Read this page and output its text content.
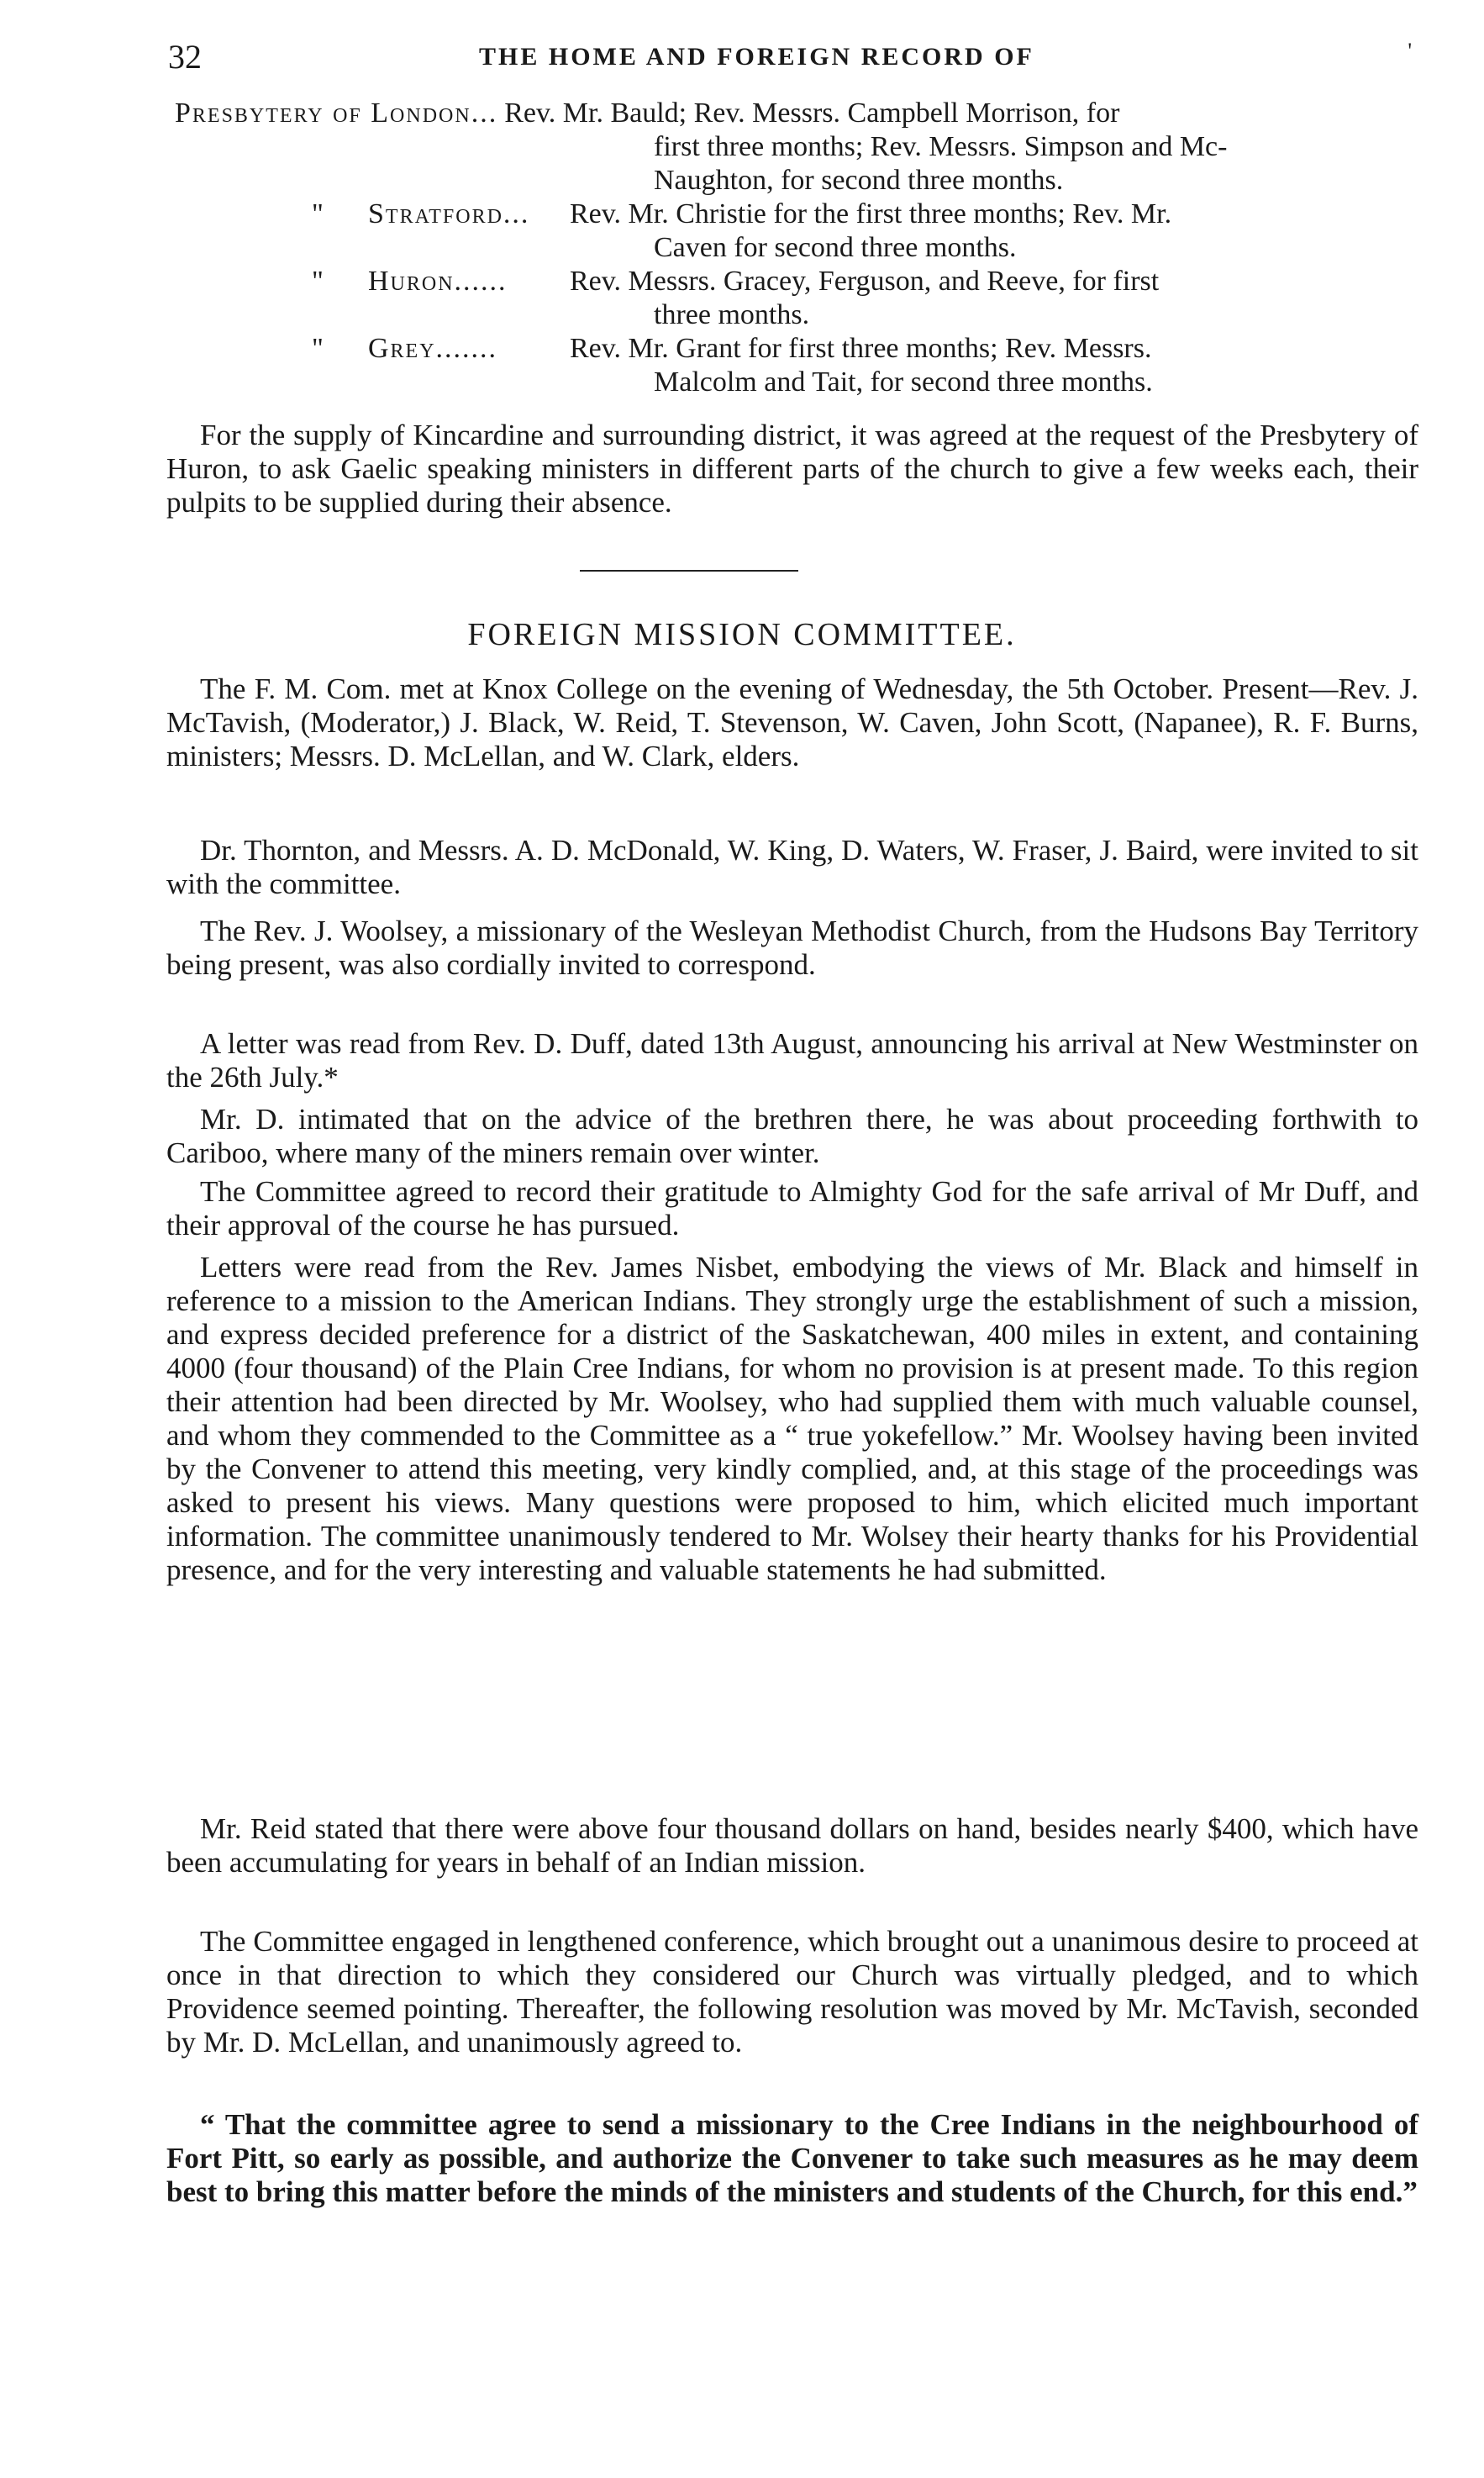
32	THE HOME AND FOREIGN RECORD OF	'
Presbytery of London... Rev. Mr. Bauld; Rev. Messrs. Campbell Morrison, for
first three months; Rev. Messrs. Simpson and Mc-
Naughton, for second three months.
"	Stratford...	Rev. Mr. Christie for the first three months; Rev. Mr.
Caven for second three months.
"	Huron......	Rev. Messrs. Gracey, Ferguson, and Reeve, for first
three months.
"	Grey.......	Rev. Mr. Grant for first three months; Rev. Messrs.
Malcolm and Tait, for second three months.

For the supply of Kincardine and surrounding district, it was agreed at the request of the Presbytery of Huron, to ask Gaelic speaking ministers in different parts of the church to give a few weeks each, their pulpits to be supplied during their absence.

FOREIGN MISSION COMMITTEE.

The F. M. Com. met at Knox College on the evening of Wednesday, the 5th October. Present—Rev. J. McTavish, (Moderator,) J. Black, W. Reid, T. Stevenson, W. Caven, John Scott, (Napanee), R. F. Burns, ministers; Messrs. D. McLellan, and W. Clark, elders.

Dr. Thornton, and Messrs. A. D. McDonald, W. King, D. Waters, W. Fraser, J. Baird, were invited to sit with the committee.

The Rev. J. Woolsey, a missionary of the Wesleyan Methodist Church, from the Hudsons Bay Territory being present, was also cordially invited to correspond.

A letter was read from Rev. D. Duff, dated 13th August, announcing his arrival at New Westminster on the 26th July.*

Mr. D. intimated that on the advice of the brethren there, he was about proceeding forthwith to Cariboo, where many of the miners remain over winter.

The Committee agreed to record their gratitude to Almighty God for the safe arrival of Mr Duff, and their approval of the course he has pursued.

Letters were read from the Rev. James Nisbet, embodying the views of Mr. Black and himself in reference to a mission to the American Indians. They strongly urge the establishment of such a mission, and express decided preference for a district of the Saskatchewan, 400 miles in extent, and containing 4000 (four thousand) of the Plain Cree Indians, for whom no provision is at present made. To this region their attention had been directed by Mr. Woolsey, who had supplied them with much valuable counsel, and whom they commended to the Committee as a “ true yokefellow.” Mr. Woolsey having been invited by the Convener to attend this meeting, very kindly complied, and, at this stage of the proceedings was asked to present his views. Many questions were proposed to him, which elicited much important information. The committee unanimously tendered to Mr. Wolsey their hearty thanks for his Providential presence, and for the very interesting and valuable statements he had submitted.

Mr. Reid stated that there were above four thousand dollars on hand, besides nearly $400, which have been accumulating for years in behalf of an Indian mission.

The Committee engaged in lengthened conference, which brought out a unanimous desire to proceed at once in that direction to which they considered our Church was virtually pledged, and to which Providence seemed pointing. Thereafter, the following resolution was moved by Mr. McTavish, seconded by Mr. D. McLellan, and unanimously agreed to.

“ That the committee agree to send a missionary to the Cree Indians in the neighbourhood of Fort Pitt, so early as possible, and authorize the Convener to take such measures as he may deem best to bring this matter before the minds of the ministers and students of the Church, for this end.”
